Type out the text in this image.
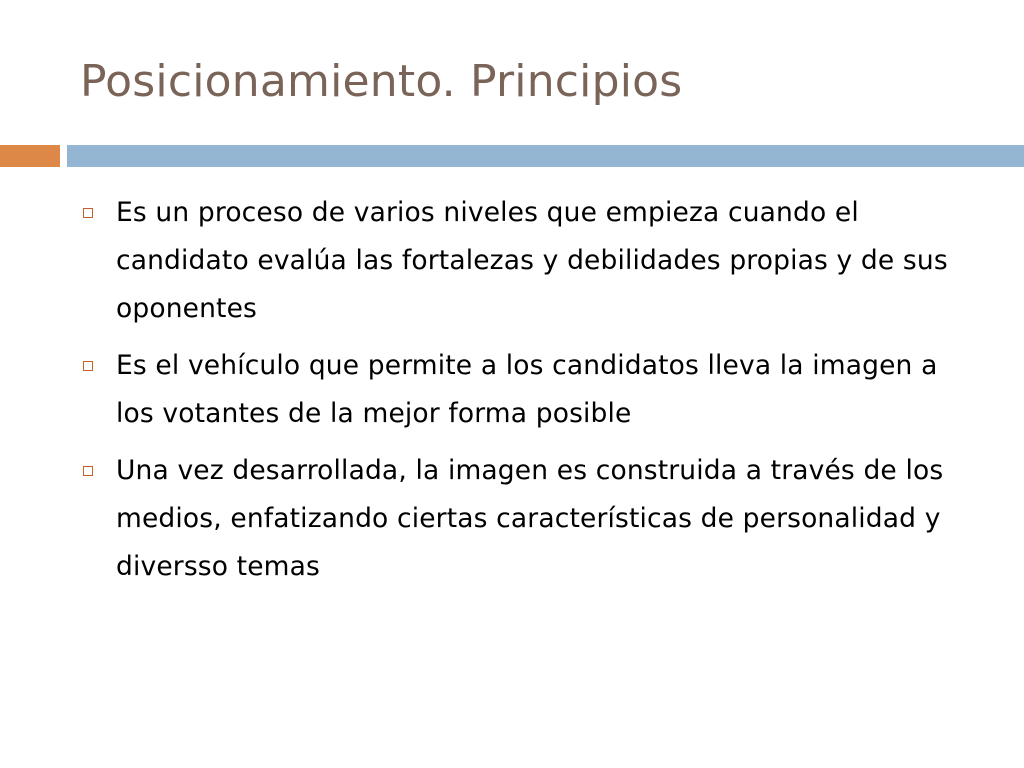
Posicionamiento. Principios
Es un proceso de varios niveles que empieza cuando el candidato evalúa las fortalezas y debilidades propias y de sus oponentes
Es el vehículo que permite a los candidatos lleva la imagen a los votantes de la mejor forma posible
Una vez desarrollada, la imagen es construida a través de los medios, enfatizando ciertas características de personalidad y diversso temas
